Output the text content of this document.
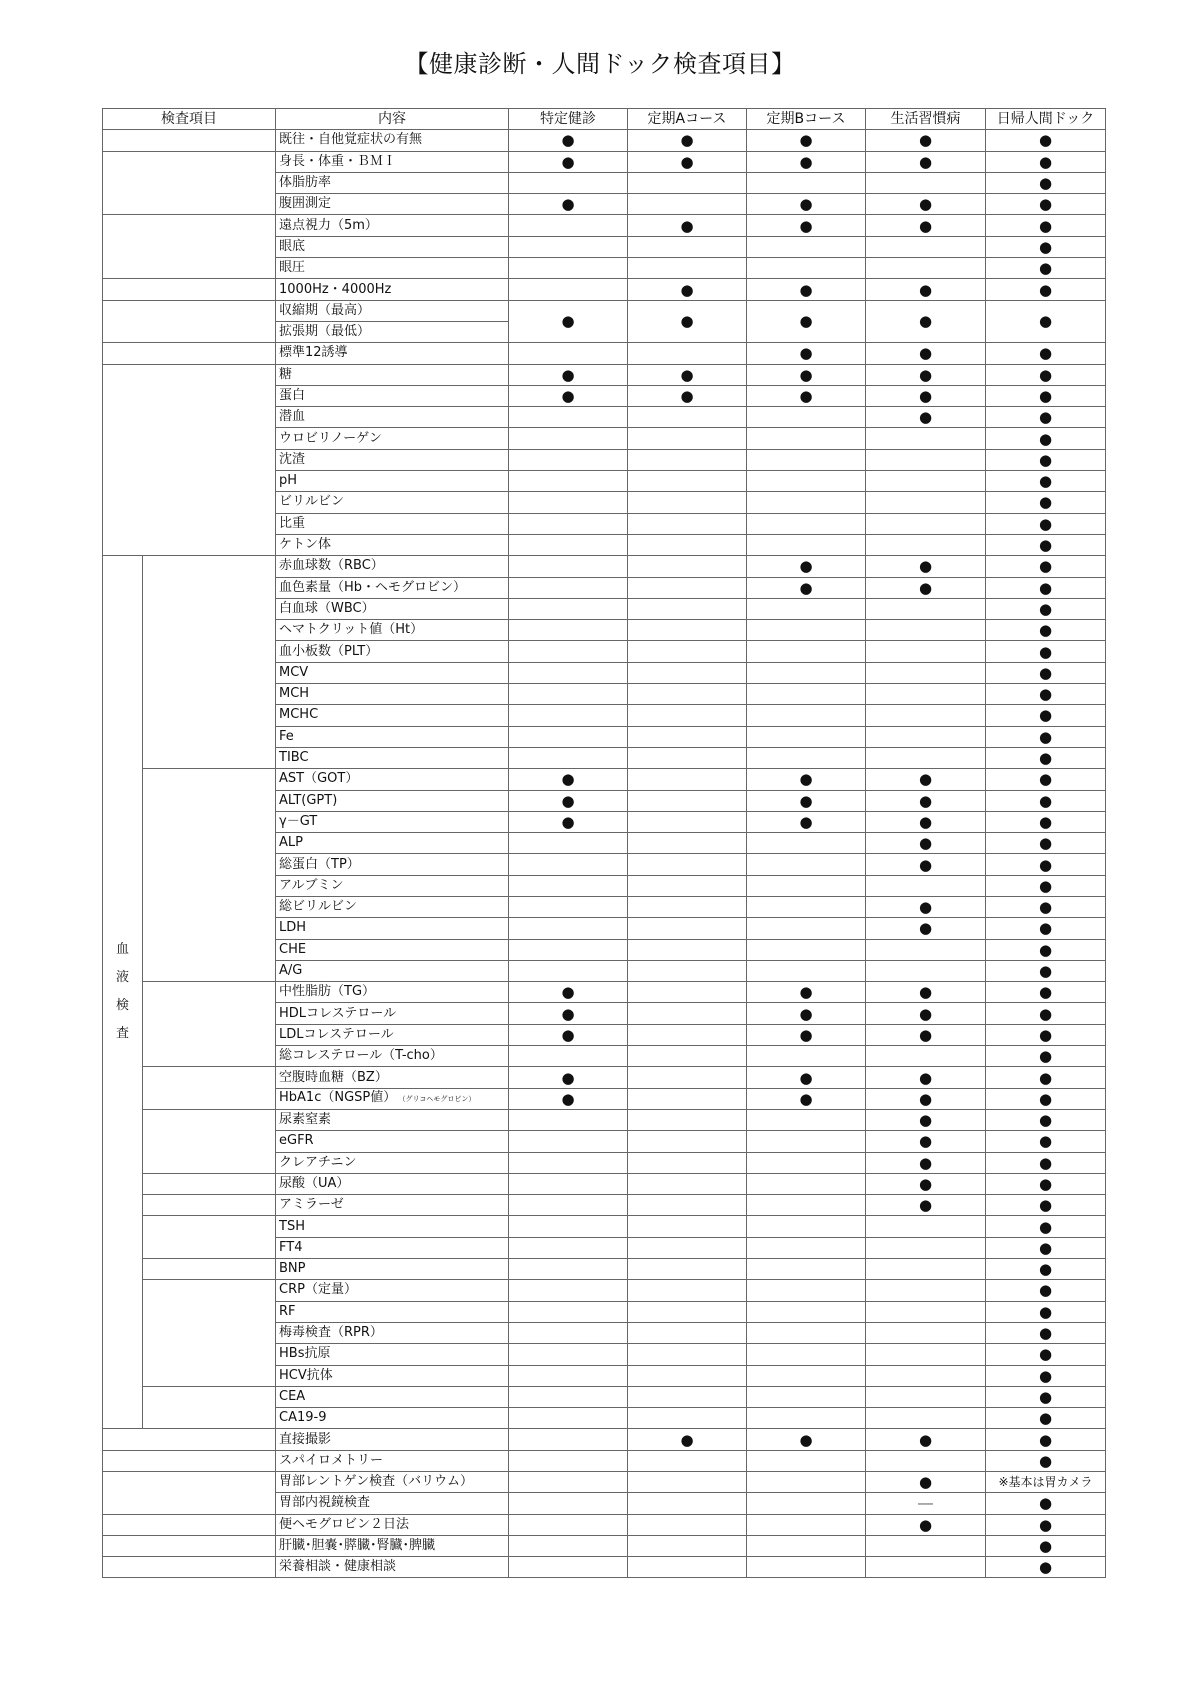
【健康診断・人間ドック検査項目】
検査項目		内容	特定健診	定期Aコース	定期Bコース	生活習慣病	日帰人間ドック
		既往・自他覚症状の有無	●	●	●	●	●
		身長・体重・ＢＭＩ	●	●	●	●	●
		体脂肪率					●
		腹囲測定	●		●	●	●
		遠点視力（5m）		●	●	●	●
		眼底					●
		眼圧					●
		1000Hz・4000Hz		●	●	●	●
		収縮期（最高）	●	●	●	●	●
		拡張期（最低）					
		標準12誘導			●	●	●
		糖	●	●	●	●	●
		蛋白	●	●	●	●	●
		潜血				●	●
		ウロビリノーゲン					●
		沈渣					●
		pH					●
		ビリルビン					●
		比重					●
		ケトン体					●
血
液
検
査		赤血球数（RBC）			●	●	●
		血色素量（Hb・ヘモグロビン）			●	●	●
		白血球（WBC）					●
		ヘマトクリット値（Ht）					●
		血小板数（PLT）					●
		MCV					●
		MCH					●
		MCHC					●
		Fe					●
		TIBC					●
		AST（GOT）	●		●	●	●
		ALT(GPT)	●		●	●	●
		γ－GT	●		●	●	●
		ALP				●	●
		総蛋白（TP）				●	●
		アルブミン					●
		総ビリルビン				●	●
		LDH				●	●
		CHE					●
		A/G					●
		中性脂肪（TG）	●		●	●	●
		HDLコレステロール	●		●	●	●
		LDLコレステロール	●		●	●	●
		総コレステロール（T-cho）					●
		空腹時血糖（BZ）	●		●	●	●
		HbA1c（NGSP値） （グリコヘモグロビン）	●		●	●	●
		尿素窒素				●	●
		eGFR				●	●
		クレアチニン				●	●
		尿酸（UA）				●	●
		アミラーゼ				●	●
		TSH					●
		FT4					●
		BNP					●
		CRP（定量）					●
		RF					●
		梅毒検査（RPR）					●
		HBs抗原					●
		HCV抗体					●
		CEA					●
		CA19-9					●
		直接撮影		●	●	●	●
		スパイロメトリー					●
		胃部レントゲン検査（バリウム）				●	※基本は胃カメラ
		胃部内視鏡検査				―	●
		便ヘモグロビン２日法				●	●
		肝臓･胆嚢･膵臓･腎臓･脾臓					●
		栄養相談・健康相談					●
